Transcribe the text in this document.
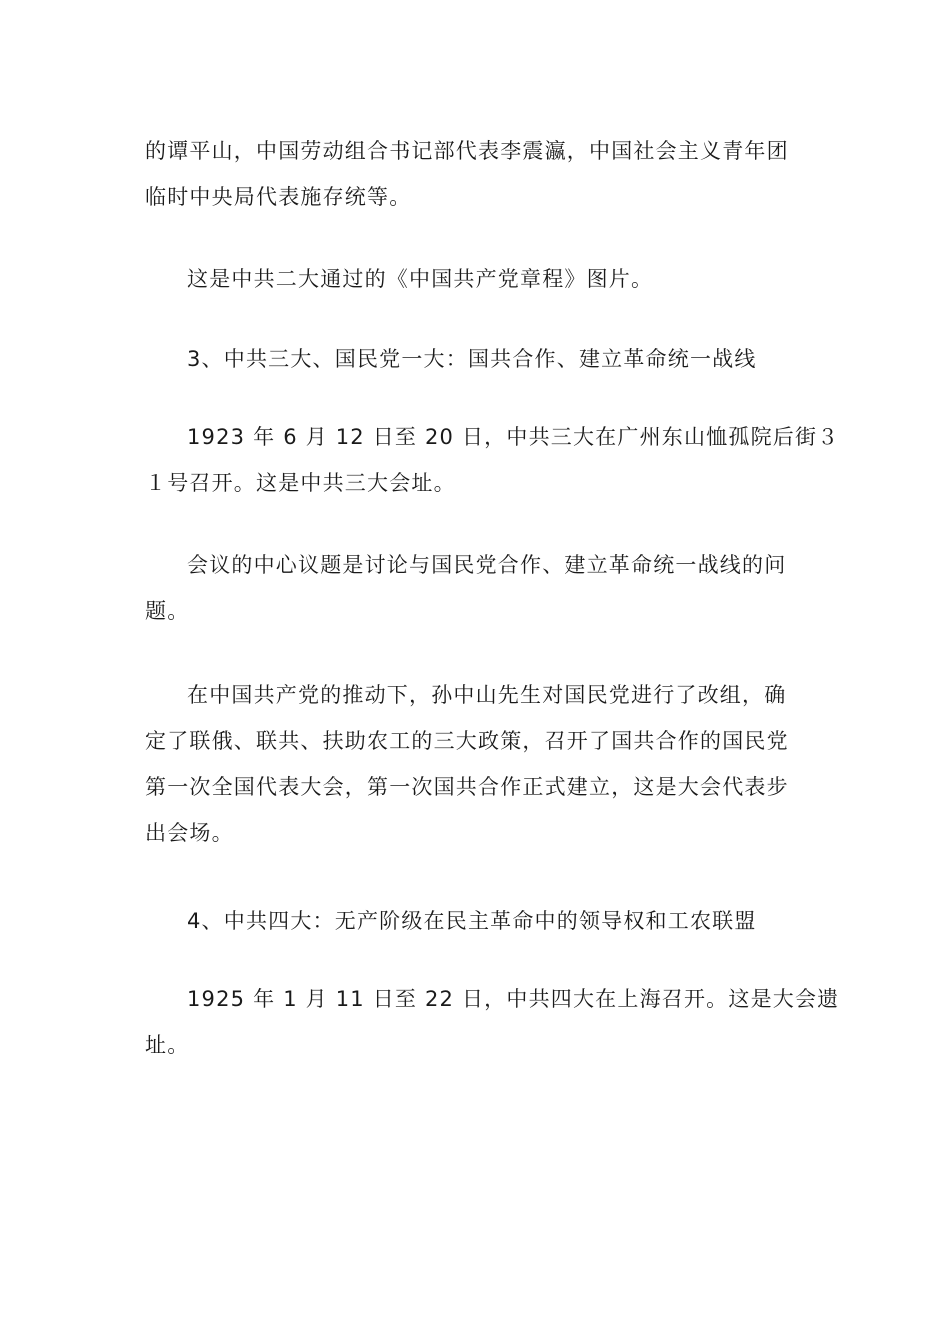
的谭平山，中国劳动组合书记部代表李震瀛，中国社会主义青年团
临时中央局代表施存统等。
这是中共二大通过的《中国共产党章程》图片。
3、中共三大、国民党一大：国共合作、建立革命统一战线
1923 年 6 月 12 日至 20 日，中共三大在广州东山恤孤院后街３
１号召开。这是中共三大会址。
会议的中心议题是讨论与国民党合作、建立革命统一战线的问
题。
在中国共产党的推动下，孙中山先生对国民党进行了改组，确
定了联俄、联共、扶助农工的三大政策，召开了国共合作的国民党
第一次全国代表大会，第一次国共合作正式建立，这是大会代表步
出会场。
4、中共四大：无产阶级在民主革命中的领导权和工农联盟
1925 年 1 月 11 日至 22 日，中共四大在上海召开。这是大会遗
址。
